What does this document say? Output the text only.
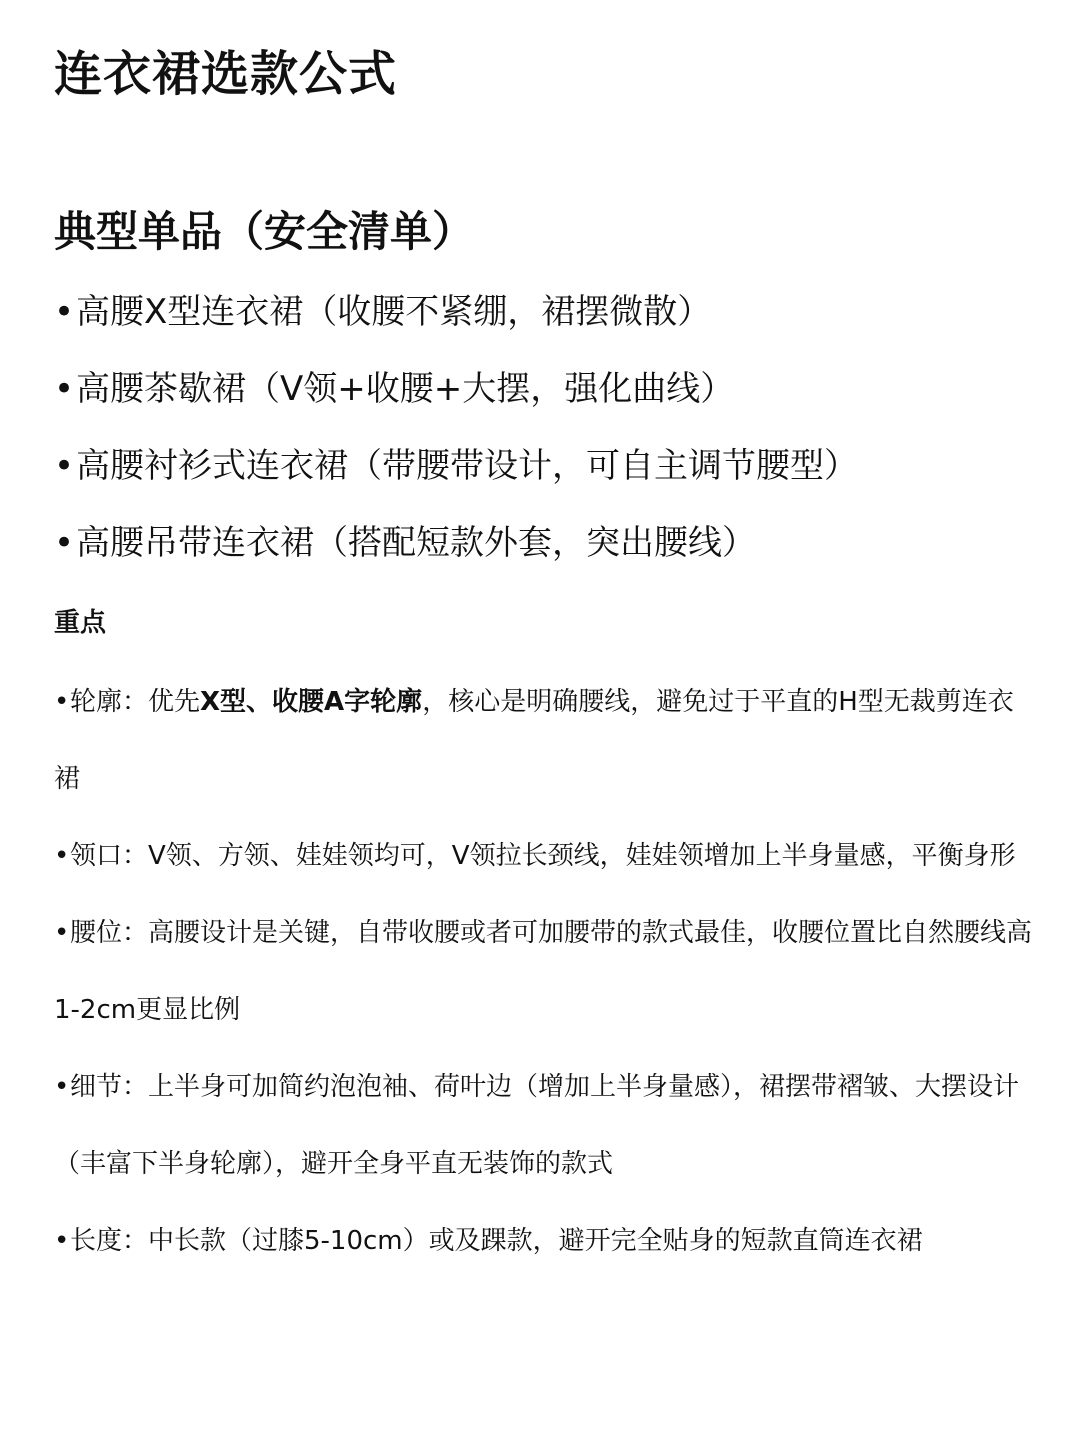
连衣裙选款公式
典型单品（安全清单）
•高腰X型连衣裙（收腰不紧绷，裙摆微散）
•高腰茶歇裙（V领+收腰+大摆，强化曲线）
•高腰衬衫式连衣裙（带腰带设计，可自主调节腰型）
•高腰吊带连衣裙（搭配短款外套，突出腰线）
重点

•轮廓：优先X型、收腰A字轮廓，核心是明确腰线，避免过于平直的H型无裁剪连衣裙

•领口：V领、方领、娃娃领均可，V领拉长颈线，娃娃领增加上半身量感，平衡身形

•腰位：高腰设计是关键，自带收腰或者可加腰带的款式最佳，收腰位置比自然腰线高1-2cm更显比例

•细节：上半身可加简约泡泡袖、荷叶边（增加上半身量感），裙摆带褶皱、大摆设计（丰富下半身轮廓），避开全身平直无装饰的款式

•长度：中长款（过膝5-10cm）或及踝款，避开完全贴身的短款直筒连衣裙
